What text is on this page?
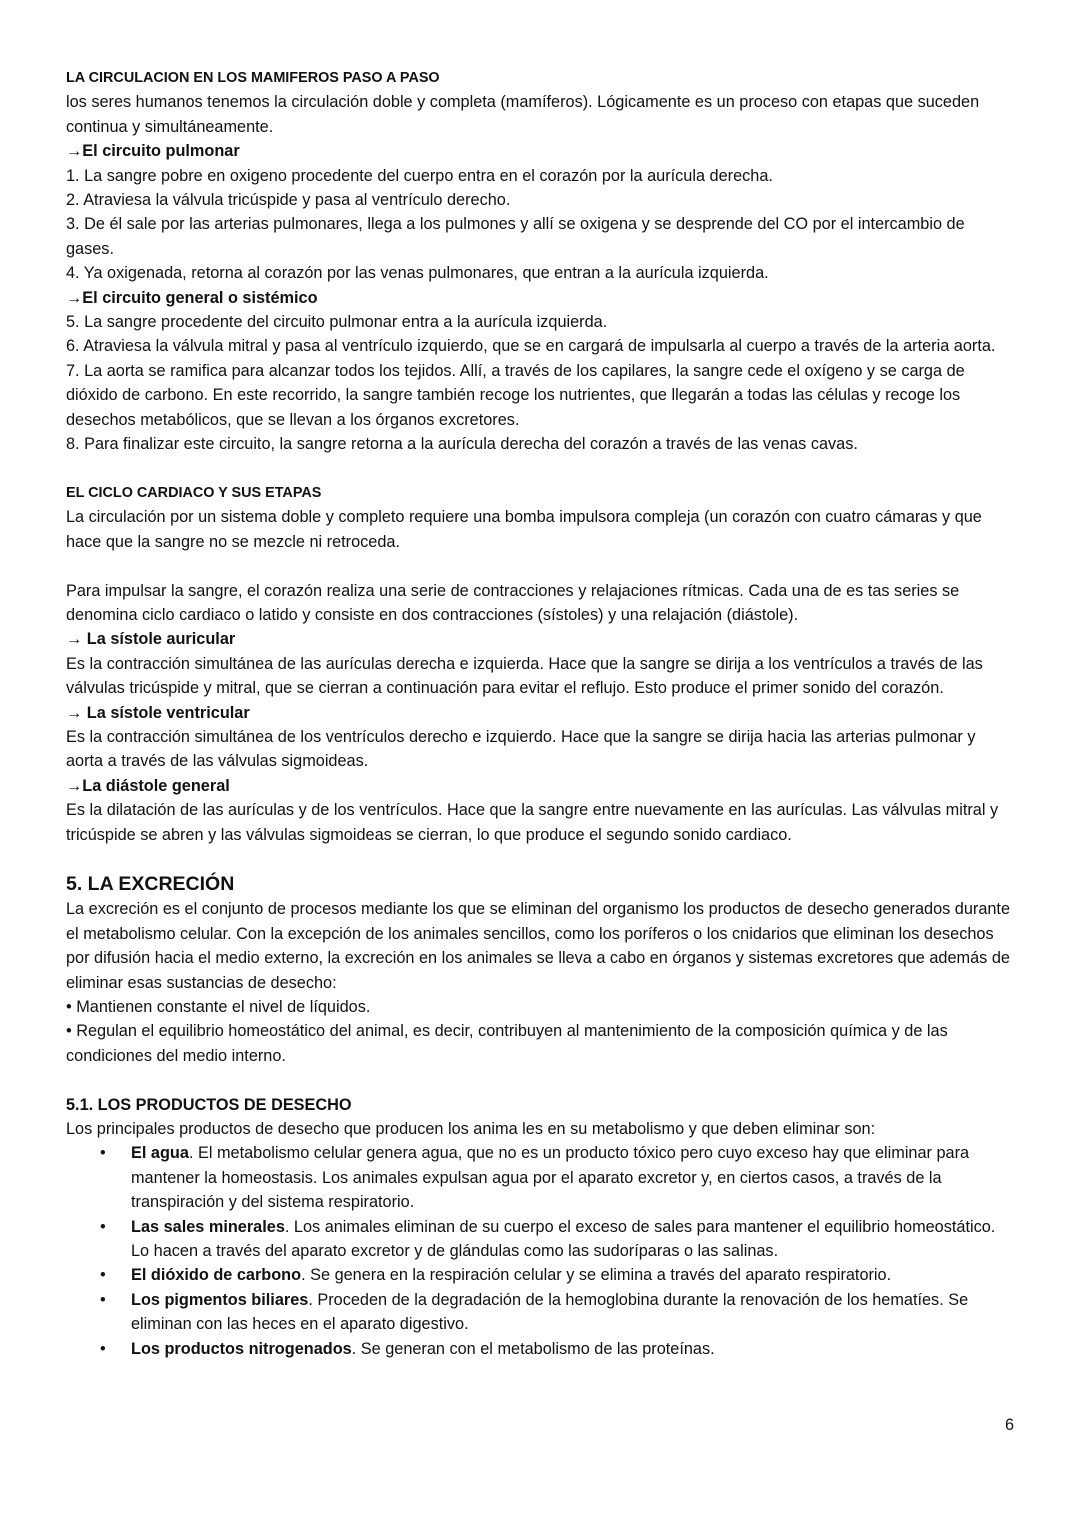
LA CIRCULACION EN LOS MAMIFEROS PASO A PASO

los seres humanos tenemos la circulación doble y completa (mamíferos). Lógicamente es un proceso con etapas que suceden continua y simultáneamente.

→El circuito pulmonar

1. La sangre pobre en oxigeno procedente del cuerpo entra en el corazón por la aurícula derecha.

2. Atraviesa la válvula tricúspide y pasa al ventrículo derecho.

3. De él sale por las arterias pulmonares, llega a los pulmones y allí se oxigena y se desprende del CO por el intercambio de gases.

4. Ya oxigenada, retorna al corazón por las venas pulmonares, que entran a la aurícula izquierda.

→El circuito general o sistémico

5. La sangre procedente del circuito pulmonar entra a la aurícula izquierda.

6. Atraviesa la válvula mitral y pasa al ventrículo izquierdo, que se en cargará de impulsarla al cuerpo a través de la arteria aorta.

7. La aorta se ramifica para alcanzar todos los tejidos. Allí, a través de los capilares, la sangre cede el oxígeno y se carga de dióxido de carbono. En este recorrido, la sangre también recoge los nutrientes, que llegarán a todas las células y recoge los desechos metabólicos, que se llevan a los órganos excretores.

8. Para finalizar este circuito, la sangre retorna a la aurícula derecha del corazón a través de las venas cavas.

EL CICLO CARDIACO Y SUS ETAPAS

La circulación por un sistema doble y completo requiere una bomba impulsora compleja (un corazón con cuatro cámaras y que hace que la sangre no se mezcle ni retroceda.

Para impulsar la sangre, el corazón realiza una serie de contracciones y relajaciones rítmicas. Cada una de es tas series se denomina ciclo cardiaco o latido y consiste en dos contracciones (sístoles) y una relajación (diástole).

→ La sístole auricular

Es la contracción simultánea de las aurículas derecha e izquierda. Hace que la sangre se dirija a los ventrículos a través de las válvulas tricúspide y mitral, que se cierran a continuación para evitar el reflujo. Esto produce el primer sonido del corazón.

→ La sístole ventricular

Es la contracción simultánea de los ventrículos derecho e izquierdo. Hace que la sangre se dirija hacia las arterias pulmonar y aorta a través de las válvulas sigmoideas.

→La diástole general

Es la dilatación de las aurículas y de los ventrículos. Hace que la sangre entre nuevamente en las aurículas. Las válvulas mitral y tricúspide se abren y las válvulas sigmoideas se cierran, lo que produce el segundo sonido cardiaco.

5. LA EXCRECIÓN

La excreción es el conjunto de procesos mediante los que se eliminan del organismo los productos de desecho generados durante el metabolismo celular. Con la excepción de los animales sencillos, como los poríferos o los cnidarios que eliminan los desechos por difusión hacia el medio externo, la excreción en los animales se lleva a cabo en órganos y sistemas excretores que además de eliminar esas sustancias de desecho:

• Mantienen constante el nivel de líquidos.

• Regulan el equilibrio homeostático del animal, es decir, contribuyen al mantenimiento de la composición química y de las condiciones del medio interno.

5.1. LOS PRODUCTOS DE DESECHO

Los principales productos de desecho que producen los anima les en su metabolismo y que deben eliminar son:

• El agua. El metabolismo celular genera agua, que no es un producto tóxico pero cuyo exceso hay que eliminar para mantener la homeostasis. Los animales expulsan agua por el aparato excretor y, en ciertos casos, a través de la transpiración y del sistema respiratorio.
• Las sales minerales. Los animales eliminan de su cuerpo el exceso de sales para mantener el equilibrio homeostático. Lo hacen a través del aparato excretor y de glándulas como las sudoríparas o las salinas.
• El dióxido de carbono. Se genera en la respiración celular y se elimina a través del aparato respiratorio.
• Los pigmentos biliares. Proceden de la degradación de la hemoglobina durante la renovación de los hematíes. Se eliminan con las heces en el aparato digestivo.
• Los productos nitrogenados. Se generan con el metabolismo de las proteínas.
6
